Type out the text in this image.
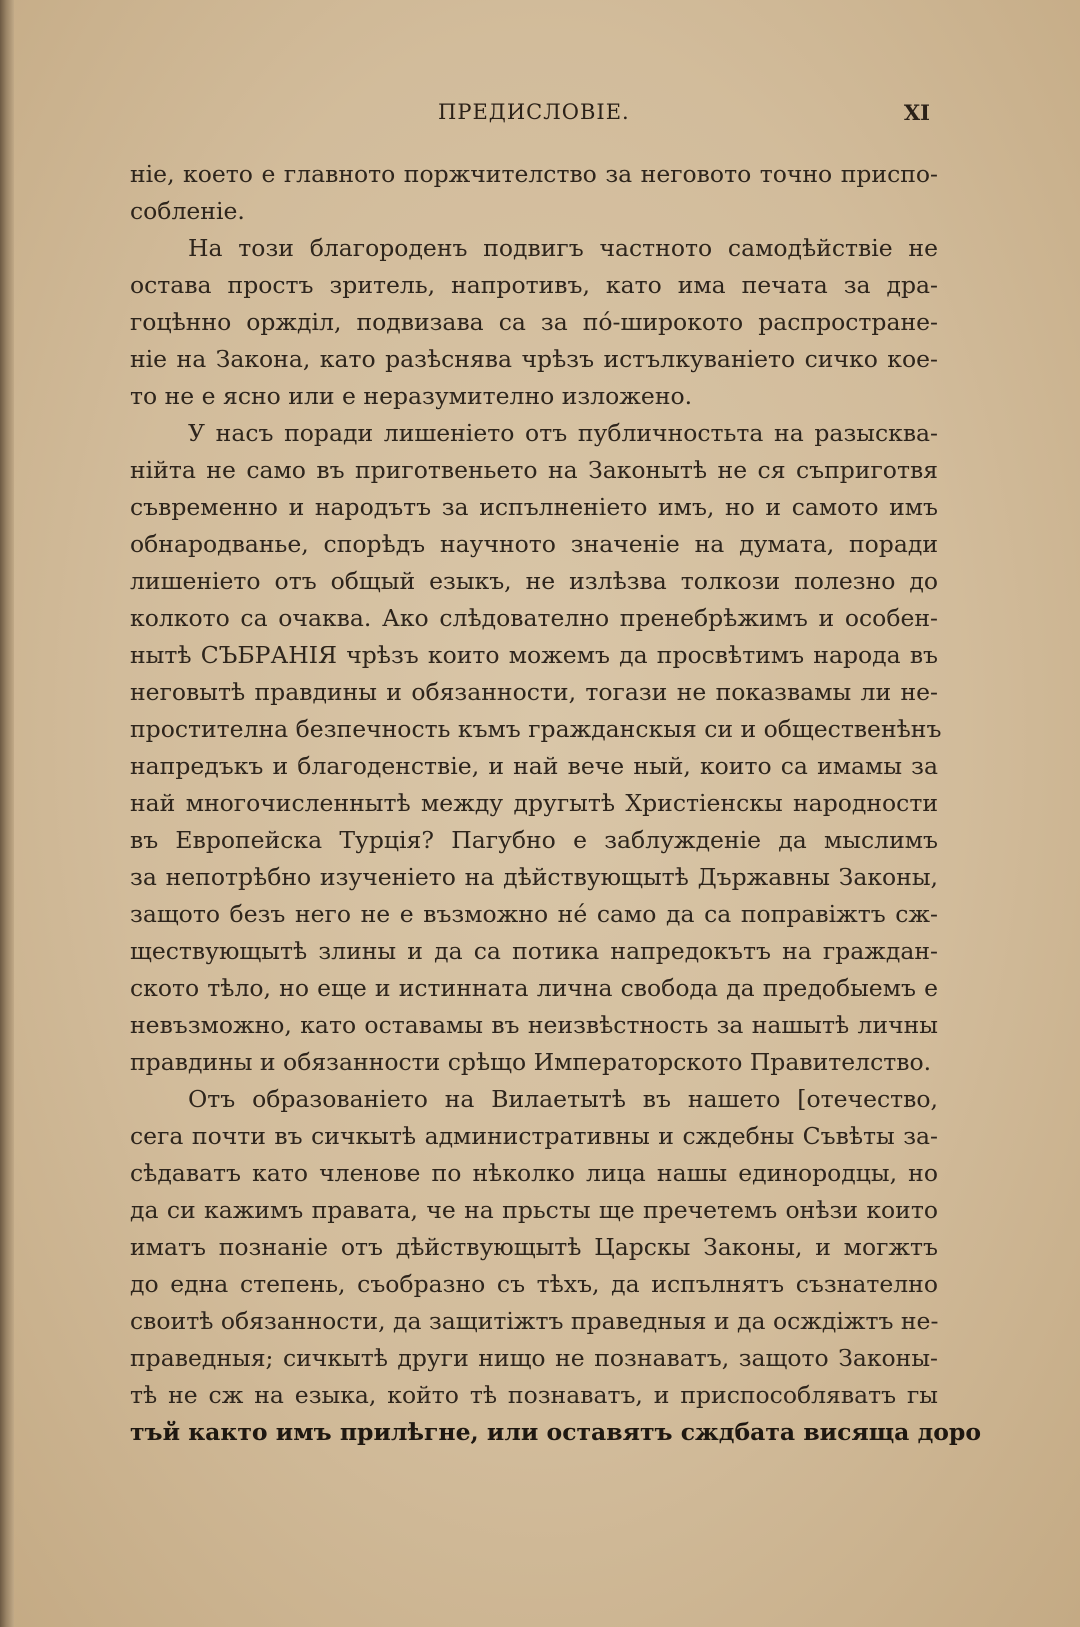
ПРЕДИСЛОВІЕ.	XI
ніе, което е главното поржчителство за неговото точно приспо-
собленіе.
На този благороденъ подвигъ частното самодѣйствіе не
остава простъ зритель, напротивъ, като има печата за дра-
гоцѣнно оржділ, подвизава са за по́-широкото распростране-
ніе на Закона, като разѣснява чрѣзъ истълкуваніето сичко кое-
то не е ясно или е неразумително изложено.
У насъ поради лишеніето отъ публичностьта на разысква-
нійта не само въ приготвеньето на Законытѣ не ся съприготвя
съвременно и народътъ за испълненіето имъ, но и самото имъ
обнародванье, спорѣдъ научното значеніе на думата, поради
лишеніето отъ общый езыкъ, не излѣзва толкози полезно до
колкото са очаква. Ако слѣдователно пренебрѣжимъ и особен-
нытѣ СЪБРАНІЯ чрѣзъ които можемъ да просвѣтимъ народа въ
неговытѣ правдины и обязанности, тогази не показвамы ли не-
простителна безпечность къмъ гражданскыя си и общественѣнъ
напредъкъ и благоденствіе, и най вече ный, които са имамы за
най многочисленнытѣ между другытѣ Христіенскы народности
въ Европейска Турція? Пагубно е заблужденіе да мыслимъ
за непотрѣбно изученіето на дѣйствующытѣ Държавны Законы,
защото безъ него не е възможно не́ само да са поправіжтъ сж-
ществующытѣ злины и да са потика напредокътъ на граждан-
ското тѣло, но еще и истинната лична свобода да предобыемъ е
невъзможно, като оставамы въ неизвѣстность за нашытѣ личны
правдины и обязанности срѣщо Императорското Правителство.
Отъ образованіето на Вилаетытѣ въ нашето [отечество,
сега почти въ сичкытѣ административны и сждебны Съвѣты за-
сѣдаватъ като членове по нѣколко лица нашы единородцы, но
да си кажимъ правата, че на прьсты ще пречетемъ онѣзи които
иматъ познаніе отъ дѣйствующытѣ Царскы Законы, и могжтъ
до една степень, съобразно съ тѣхъ, да испълнятъ съзнателно
своитѣ обязанности, да защитіжтъ праведныя и да осждіжтъ не-
праведныя; сичкытѣ други нищо не познаватъ, защото Законы-
тѣ не сж на езыка, който тѣ познаватъ, и приспособляватъ гы
тъй както имъ прилѣгне, или оставятъ сждбата висяща доро
